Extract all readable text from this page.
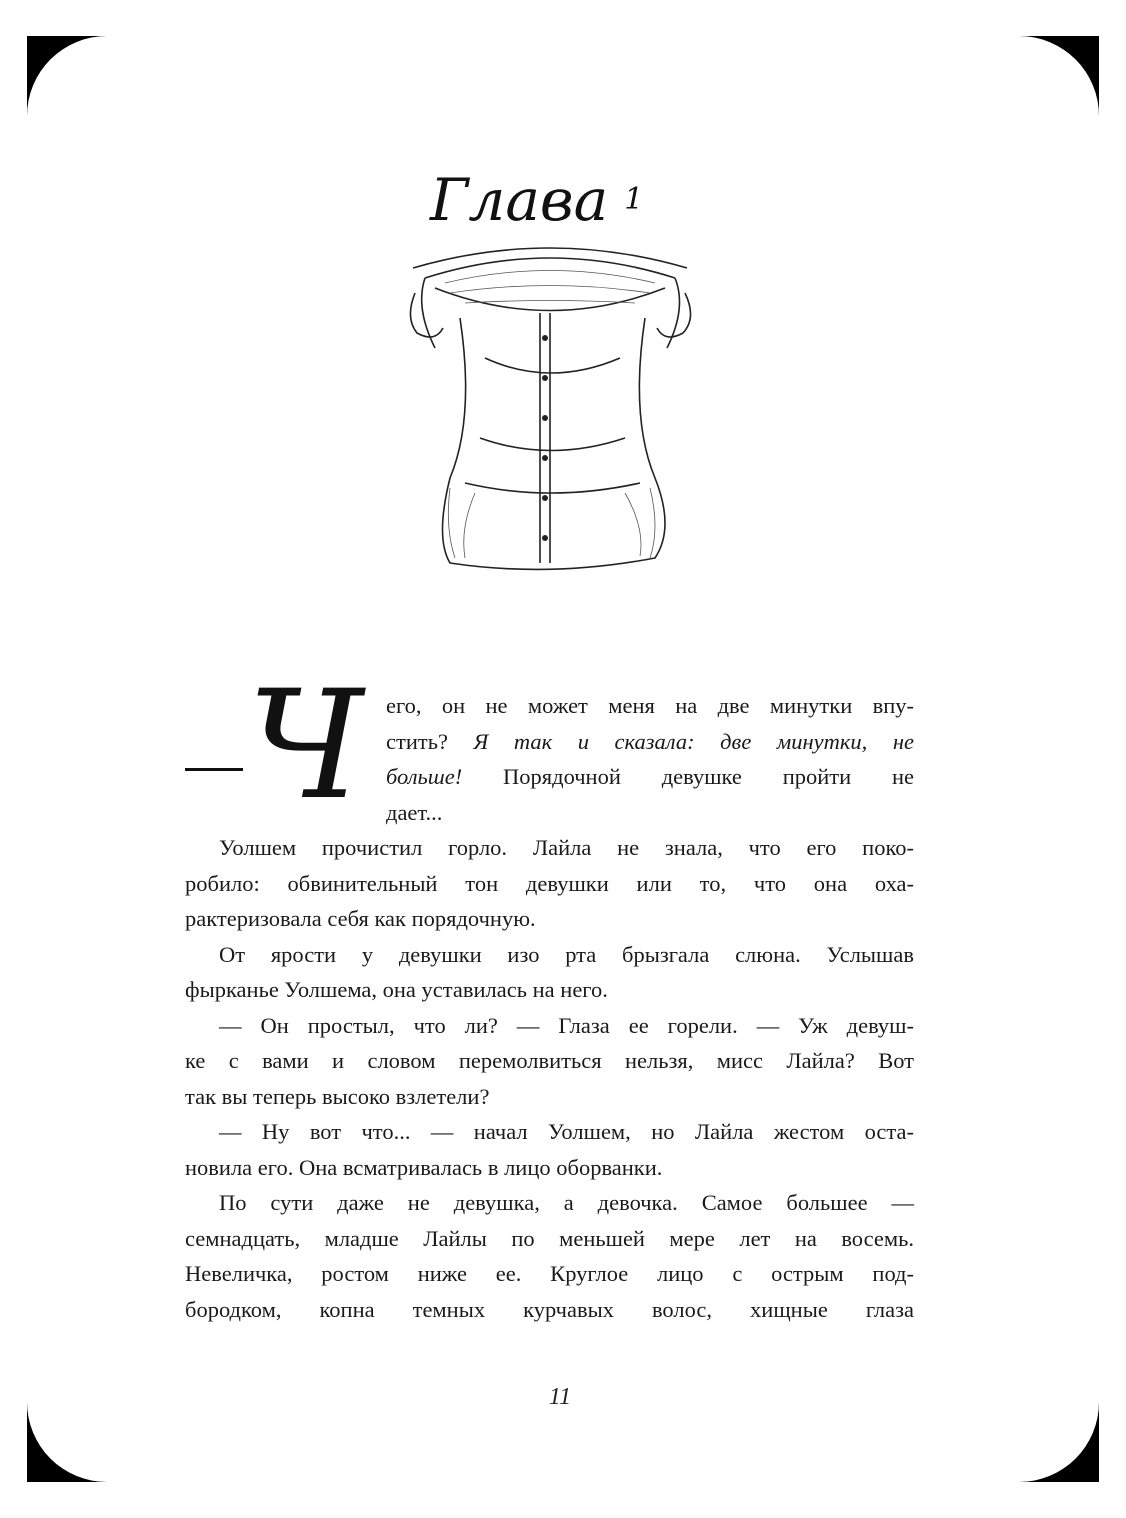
Глава $^1$
Ч его, он не может меня на две минутки впу-
стить? Я так и сказала: две минутки, не
больше! Порядочной девушке пройти не
дает...
Уолшем прочистил горло. Лайла не знала, что его поко-
робило: обвинительный тон девушки или то, что она оха-
рактеризовала себя как порядочную.
От ярости у девушки изо рта брызгала слюна. Услышав
фырканье Уолшема, она уставилась на него.
— Он простыл, что ли? — Глаза ее горели. — Уж девуш-
ке с вами и словом перемолвиться нельзя, мисс Лайла? Вот
так вы теперь высоко взлетели?
— Ну вот что... — начал Уолшем, но Лайла жестом оста-
новила его. Она всматривалась в лицо оборванки.
По сути даже не девушка, а девочка. Самое большее —
семнадцать, младше Лайлы по меньшей мере лет на восемь.
Невеличка, ростом ниже ее. Круглое лицо с острым под-
бородком, копна темных курчавых волос, хищные глаза
11
